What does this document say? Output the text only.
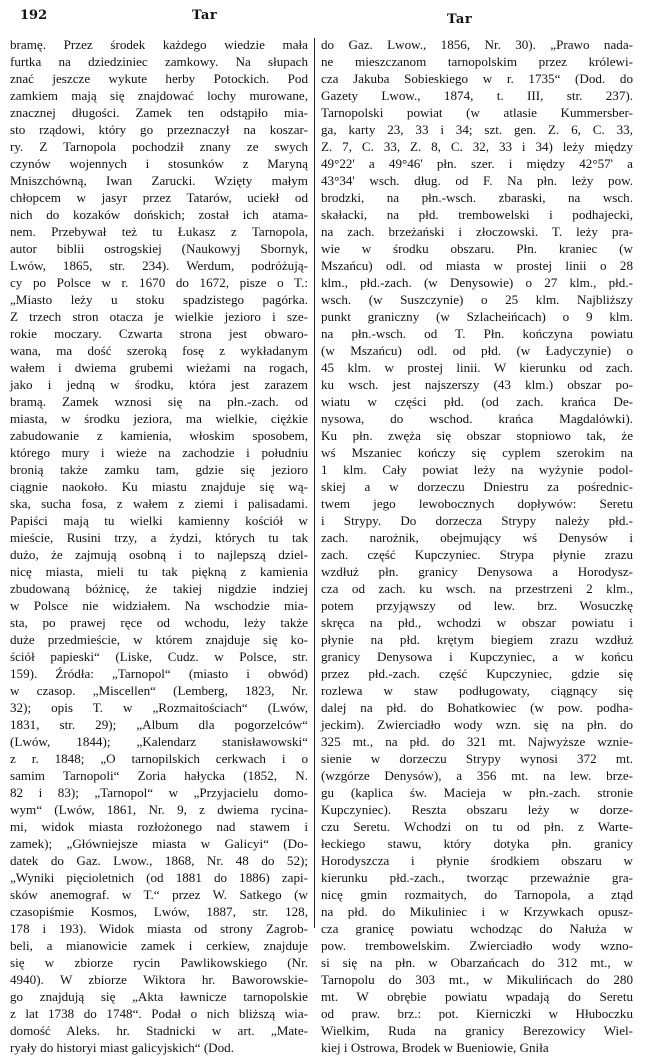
192	Tar	Tar
bramę. Przez środek każdego wiedzie mała
furtka na dziedziniec zamkowy. Na słupach
znać jeszcze wykute herby Potockich. Pod
zamkiem mają się znajdować lochy murowane,
znacznej długości. Zamek ten odstąpiło mia-
sto rządowi, który go przeznaczył na koszar-
ry. Z Tarnopola pochodził znany ze swych
czynów wojennych i stosunków z Maryną
Mniszchówną, Iwan Zarucki. Wzięty małym
chłopcem w jasyr przez Tatarów, uciekł od
nich do kozaków dońskich; został ich atama-
nem. Przebywał też tu Łukasz z Tarnopola,
autor biblii ostrogskiej (Naukowyj Sbornyk,
Lwów, 1865, str. 234). Werdum, podróżują-
cy po Polsce w r. 1670 do 1672, pisze o T.:
„Miasto leży u stoku spadzistego pagórka.
Z trzech stron otacza je wielkie jezioro i sze-
rokie moczary. Czwarta strona jest obwaro-
wana, ma dość szeroką fosę z wykładanym
wałem i dwiema grubemi wieżami na rogach,
jako i jedną w środku, która jest zarazem
bramą. Zamek wznosi się na płn.-zach. od
miasta, w środku jeziora, ma wielkie, ciężkie
zabudowanie z kamienia, włoskim sposobem,
którego mury i wieże na zachodzie i południu
bronią także zamku tam, gdzie się jezioro
ciągnie naokoło. Ku miastu znajduje się wą-
ska, sucha fosa, z wałem z ziemi i palisadami.
Papiści mają tu wielki kamienny kościół w
mieście, Rusini trzy, a żydzi, których tu tak
dużo, że zajmują osobną i to najlepszą dziel-
nicę miasta, mieli tu tak piękną z kamienia
zbudowaną bóżnicę, że takiej nigdzie indziej
w Polsce nie widziałem. Na wschodzie mia-
sta, po prawej ręce od wchodu, leży także
duże przedmieście, w którem znajduje się ko-
ściół papieski“ (Liske, Cudz. w Polsce, str.
159). Źródła: „Tarnopol“ (miasto i obwód)
w czasop. „Miscellen“ (Lemberg, 1823, Nr.
32); opis T. w „Rozmaitościach“ (Lwów,
1831, str. 29); „Album dla pogorzelców“
(Lwów, 1844); „Kalendarz stanisławowski“
z r. 1848; „O tarnopilskich cerkwach i o
samim Tarnopoli“ Zoria hałycka (1852, N.
82 i 83); „Tarnopol“ w „Przyjacielu domo-
wym“ (Lwów, 1861, Nr. 9, z dwiema rycina-
mi, widok miasta rozłożonego nad stawem i
zamek); „Główniejsze miasta w Galicyi“ (Do-
datek do Gaz. Lwow., 1868, Nr. 48 do 52);
„Wyniki pięcioletnich (od 1881 do 1886) zapi-
sków anemograf. w T.“ przez W. Satkego (w
czasopiśmie Kosmos, Lwów, 1887, str. 128,
178 i 193). Widok miasta od strony Zagrob-
beli, a mianowicie zamek i cerkiew, znajduje
się w zbiorze rycin Pawlikowskiego (Nr.
4940). W zbiorze Wiktora hr. Baworowskie-
go znajdują się „Akta ławnicze tarnopolskie
z lat 1738 do 1748“. Podał o nich bliższą wia-
domość Aleks. hr. Stadnicki w art. „Mate-
ryały do historyi miast galicyjskich“ (Dod.
do Gaz. Lwow., 1856, Nr. 30). „Prawo nada-
ne mieszczanom tarnopolskim przez królewi-
cza Jakuba Sobieskiego w r. 1735“ (Dod. do
Gazety Lwow., 1874, t. III, str. 237).
Tarnopolski powiat (w atlasie Kummersber-
ga, karty 23, 33 i 34; szt. gen. Z. 6, C. 33,
Z. 7, C. 33, Z. 8, C. 32, 33 i 34) leży między
49°22' a 49°46' płn. szer. i między 42°57' a
43°34' wsch. dług. od F. Na płn. leży pow.
brodzki, na płn.-wsch. zbaraski, na wsch.
skałacki, na płd. trembowelski i podhajecki,
na zach. brzeżański i złoczowski. T. leży pra-
wie w środku obszaru. Płn. kraniec (w
Mszańcu) odl. od miasta w prostej linii o 28
klm., płd.-zach. (w Denysowie) o 27 klm., płd.-
wsch. (w Suszczynie) o 25 klm. Najbliższy
punkt graniczny (w Szlacheińcach) o 9 klm.
na płn.-wsch. od T. Płn. kończyna powiatu
(w Mszańcu) odl. od płd. (w Ładyczynie) o
45 klm. w prostej linii. W kierunku od zach.
ku wsch. jest najszerszy (43 klm.) obszar po-
wiatu w części płd. (od zach. krańca De-
nysowa, do wschod. krańca Magdalówki).
Ku płn. zwęża się obszar stopniowo tak, że
wś Mszaniec kończy się cyplem szerokim na
1 klm. Cały powiat leży na wyżynie podol-
skiej a w dorzeczu Dniestru za pośrednic-
twem jego lewobocznych dopływów: Seretu
i Strypy. Do dorzecza Strypy należy płd.-
zach. narożnik, obejmujący wś Denysów i
zach. część Kupczyniec. Strypa płynie zrazu
wzdłuż płn. granicy Denysowa a Horodysz-
cza od zach. ku wsch. na przestrzeni 2 klm.,
potem przyjąwszy od lew. brz. Wosuczkę
skręca na płd., wchodzi w obszar powiatu i
płynie na płd. krętym biegiem zrazu wzdłuż
granicy Denysowa i Kupczyniec, a w końcu
przez płd.-zach. część Kupczyniec, gdzie się
rozlewa w staw podługowaty, ciągnący się
dalej na płd. do Bohatkowiec (w pow. podha-
jeckim). Zwierciadło wody wzn. się na płn. do
325 mt., na płd. do 321 mt. Najwyższe wznie-
sienie w dorzeczu Strypy wynosi 372 mt.
(wzgórze Denysów), a 356 mt. na lew. brze-
gu (kaplica św. Macieja w płn.-zach. stronie
Kupczyniec). Reszta obszaru leży w dorze-
czu Seretu. Wchodzi on tu od płn. z Warte-
łeckiego stawu, który dotyka płn. granicy
Horodyszcza i płynie środkiem obszaru w
kierunku płd.-zach., tworząc przeważnie gra-
nicę gmin rozmaitych, do Tarnopola, a ztąd
na płd. do Mikuliniec i w Krzywkach opusz-
cza granicę powiatu wchodząc do Nałuża w
pow. trembowelskim. Zwierciadło wody wzno-
si się na płn. w Obarzańcach do 312 mt., w
Tarnopolu do 303 mt., w Mikulińcach do 280
mt. W obrębie powiatu wpadają do Seretu
od praw. brz.: pot. Kierniczki w Hłuboczku
Wielkim, Ruda na granicy Berezowicy Wiel-
kiej i Ostrowa, Brodek w Bueniowie, Gniła
